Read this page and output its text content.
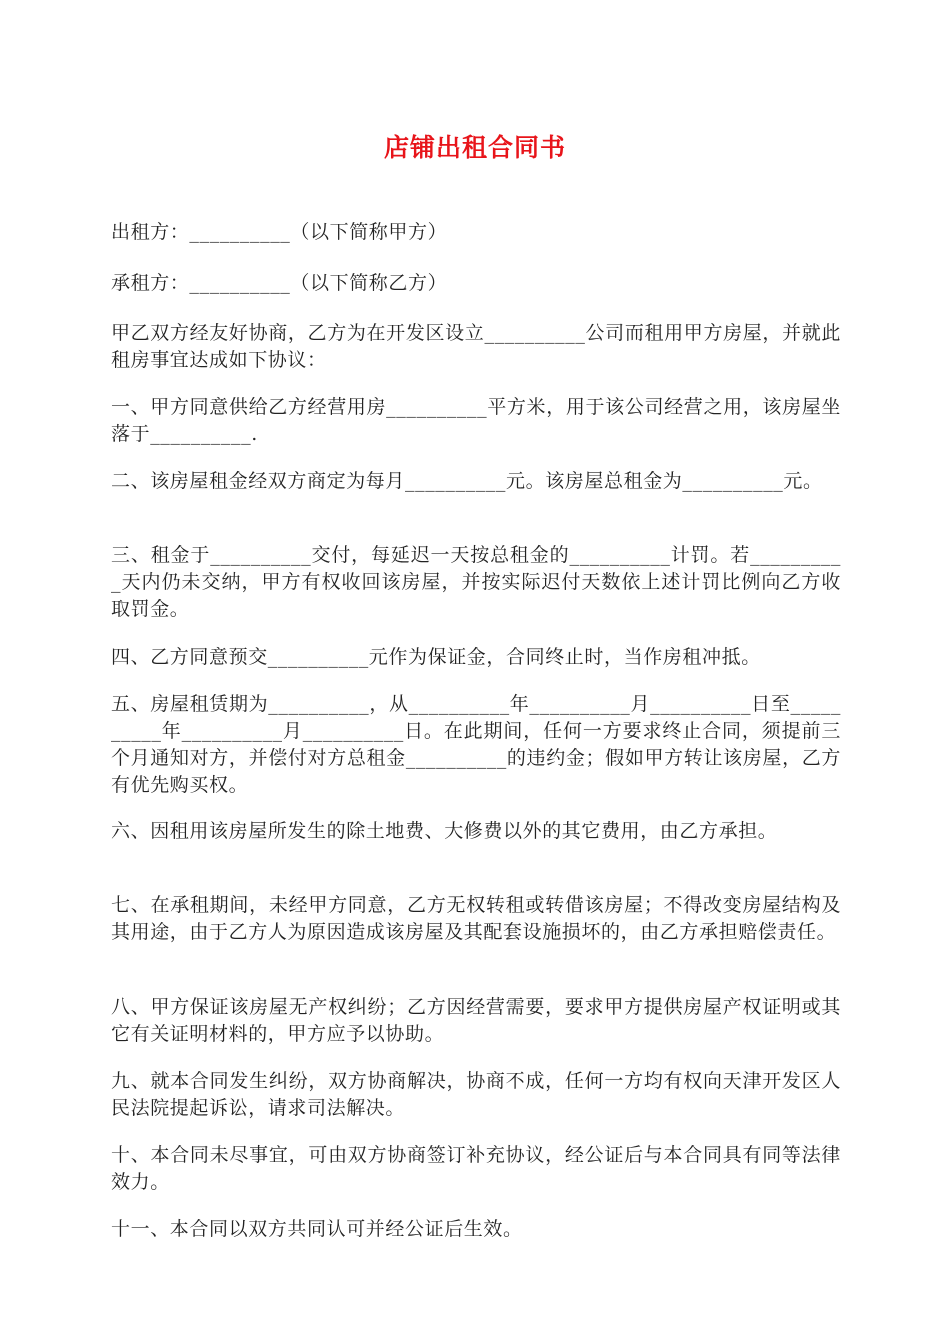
店铺出租合同书
出租方：__________（以下简称甲方）
承租方：__________（以下简称乙方）
甲乙双方经友好协商，乙方为在开发区设立__________公司而租用甲方房屋，并就此租房事宜达成如下协议：
一、甲方同意供给乙方经营用房__________平方米，用于该公司经营之用，该房屋坐落于__________.
二、该房屋租金经双方商定为每月__________元。该房屋总租金为__________元。
三、租金于__________交付，每延迟一天按总租金的__________计罚。若__________天内仍未交纳，甲方有权收回该房屋，并按实际迟付天数依上述计罚比例向乙方收取罚金。
四、乙方同意预交__________元作为保证金，合同终止时，当作房租冲抵。
五、房屋租赁期为__________，从__________年__________月__________日至__________年__________月__________日。在此期间，任何一方要求终止合同，须提前三个月通知对方，并偿付对方总租金__________的违约金；假如甲方转让该房屋，乙方有优先购买权。
六、因租用该房屋所发生的除土地费、大修费以外的其它费用，由乙方承担。
七、在承租期间，未经甲方同意，乙方无权转租或转借该房屋；不得改变房屋结构及其用途，由于乙方人为原因造成该房屋及其配套设施损坏的，由乙方承担赔偿责任。
八、甲方保证该房屋无产权纠纷；乙方因经营需要，要求甲方提供房屋产权证明或其它有关证明材料的，甲方应予以协助。
九、就本合同发生纠纷，双方协商解决，协商不成，任何一方均有权向天津开发区人民法院提起诉讼，请求司法解决。
十、本合同未尽事宜，可由双方协商签订补充协议，经公证后与本合同具有同等法律效力。
十一、本合同以双方共同认可并经公证后生效。
